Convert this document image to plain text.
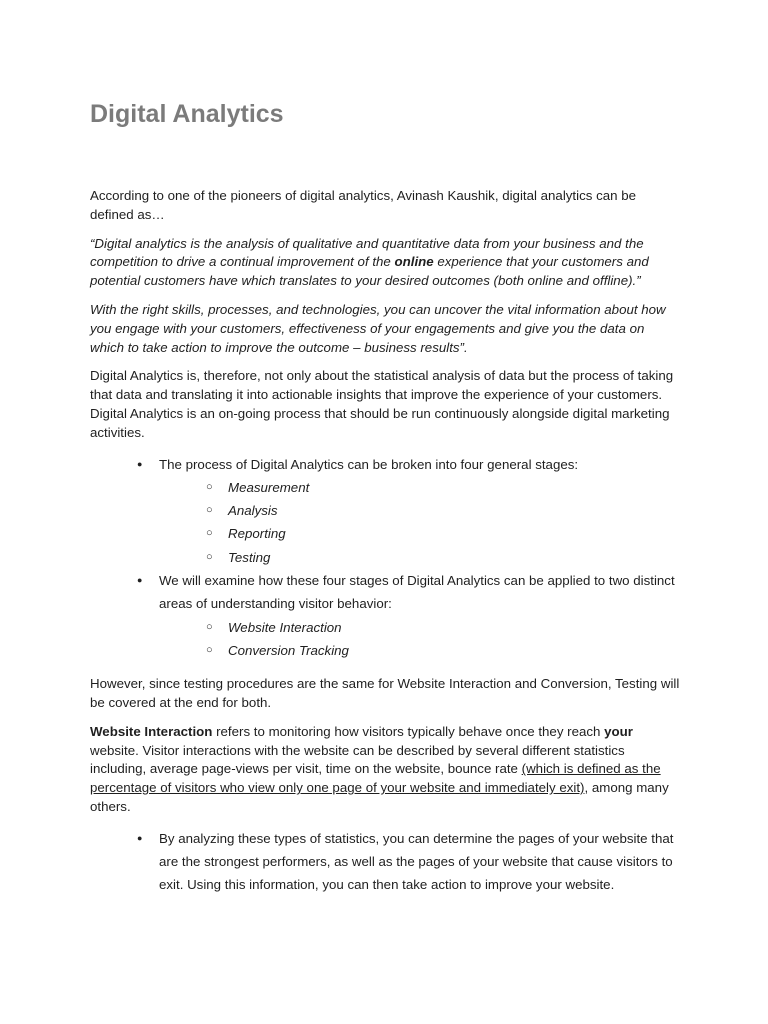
Digital Analytics

According to one of the pioneers of digital analytics, Avinash Kaushik, digital analytics can be defined as…

“Digital analytics is the analysis of qualitative and quantitative data from your business and the competition to drive a continual improvement of the online experience that your customers and potential customers have which translates to your desired outcomes (both online and offline).”

With the right skills, processes, and technologies, you can uncover the vital information about how you engage with your customers, effectiveness of your engagements and give you the data on which to take action to improve the outcome – business results”.

Digital Analytics is, therefore, not only about the statistical analysis of data but the process of taking that data and translating it into actionable insights that improve the experience of your customers. Digital Analytics is an on-going process that should be run continuously alongside digital marketing activities.

● The process of Digital Analytics can be broken into four general stages:
○ Measurement
○ Analysis
○ Reporting
○ Testing
● We will examine how these four stages of Digital Analytics can be applied to two distinct areas of understanding visitor behavior:
○ Website Interaction
○ Conversion Tracking

However, since testing procedures are the same for Website Interaction and Conversion, Testing will be covered at the end for both.

Website Interaction refers to monitoring how visitors typically behave once they reach your website. Visitor interactions with the website can be described by several different statistics including, average page-views per visit, time on the website, bounce rate (which is defined as the percentage of visitors who view only one page of your website and immediately exit), among many others.

● By analyzing these types of statistics, you can determine the pages of your website that are the strongest performers, as well as the pages of your website that cause visitors to exit. Using this information, you can then take action to improve your website.
